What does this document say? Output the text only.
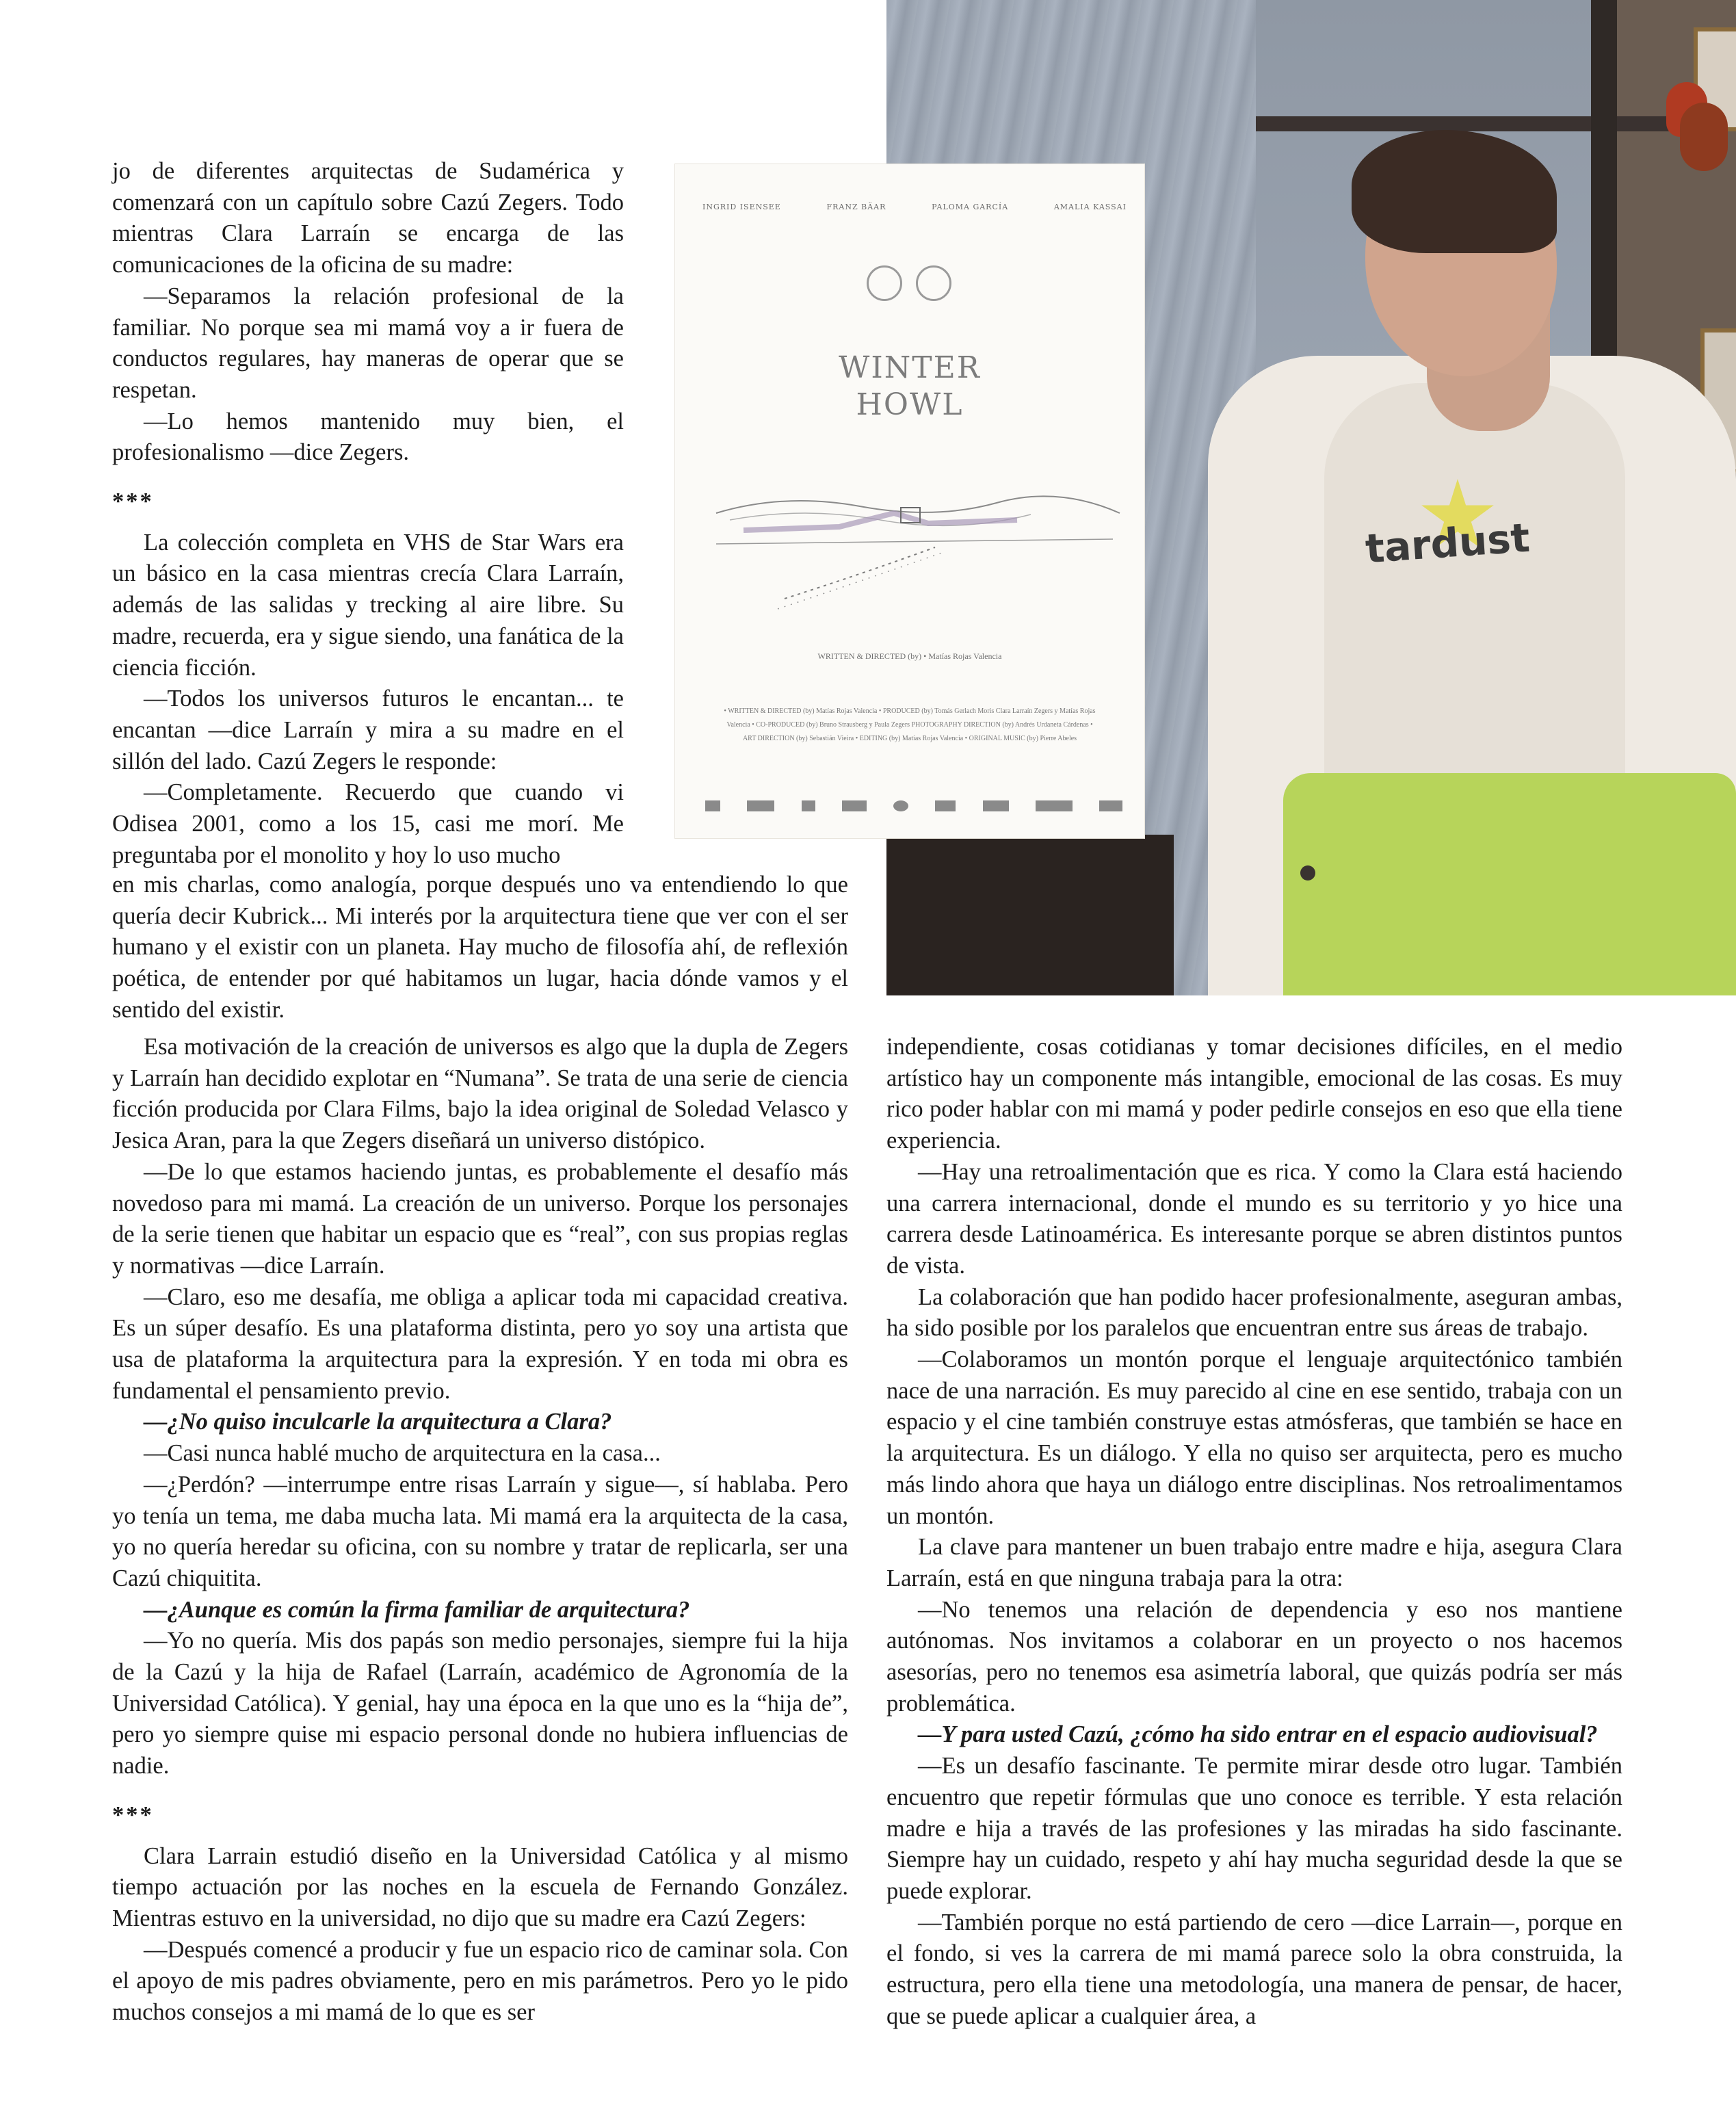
tardust
INGRID ISENSEE	FRANZ BÄAR	PALOMA GARCÍA	AMALIA KASSAI
WINTER
HOWL
WRITTEN & DIRECTED (by) • Matías Rojas Valencia
• WRITTEN & DIRECTED (by) Matías Rojas Valencia • PRODUCED (by) Tomás Gerlach Moris Clara Larraín Zegers y Matías Rojas Valencia • CO-PRODUCED (by) Bruno Strausberg y Paula Zegers PHOTOGRAPHY DIRECTION (by) Andrés Urdaneta Cárdenas • ART DIRECTION (by) Sebastián Vieira • EDITING (by) Matías Rojas Valencia • ORIGINAL MUSIC (by) Pierre Abeles

jo de diferentes arquitectas de Sudamérica y comenzará con un capítulo sobre Cazú Zegers. Todo mientras Clara Larraín se encarga de las comunicaciones de la oficina de su madre:

—Separamos la relación profesional de la familiar. No porque sea mi mamá voy a ir fuera de conductos regulares, hay maneras de operar que se respetan.

—Lo hemos mantenido muy bien, el profesionalismo —dice Zegers.

***

La colección completa en VHS de Star Wars era un básico en la casa mientras crecía Clara Larraín, además de las salidas y trecking al aire libre. Su madre, recuerda, era y sigue siendo, una fanática de la ciencia ficción.

—Todos los universos futuros le encantan... te encantan —dice Larraín y mira a su madre en el sillón del lado. Cazú Zegers le responde:

—Completamente. Recuerdo que cuando vi Odisea 2001, como a los 15, casi me morí. Me preguntaba por el monolito y hoy lo uso mucho

en mis charlas, como analogía, porque después uno va entendiendo lo que quería decir Kubrick... Mi interés por la arquitectura tiene que ver con el ser humano y el existir con un planeta. Hay mucho de filosofía ahí, de reflexión poética, de entender por qué habitamos un lugar, hacia dónde vamos y el sentido del existir.

Esa motivación de la creación de universos es algo que la dupla de Zegers y Larraín han decidido explotar en “Numana”. Se trata de una serie de ciencia ficción producida por Clara Films, bajo la idea original de Soledad Velasco y Jesica Aran, para la que Zegers diseñará un universo distópico.

—De lo que estamos haciendo juntas, es probablemente el desafío más novedoso para mi mamá. La creación de un universo. Porque los personajes de la serie tienen que habitar un espacio que es “real”, con sus propias reglas y normativas —dice Larraín.

—Claro, eso me desafía, me obliga a aplicar toda mi capacidad creativa. Es un súper desafío. Es una plataforma distinta, pero yo soy una artista que usa de plataforma la arquitectura para la expresión. Y en toda mi obra es fundamental el pensamiento previo.

—¿No quiso inculcarle la arquitectura a Clara?

—Casi nunca hablé mucho de arquitectura en la casa...

—¿Perdón? —interrumpe entre risas Larraín y sigue—, sí hablaba. Pero yo tenía un tema, me daba mucha lata. Mi mamá era la arquitecta de la casa, yo no quería heredar su oficina, con su nombre y tratar de replicarla, ser una Cazú chiquitita.

—¿Aunque es común la firma familiar de arquitectura?

—Yo no quería. Mis dos papás son medio personajes, siempre fui la hija de la Cazú y la hija de Rafael (Larraín, académico de Agronomía de la Universidad Católica). Y genial, hay una época en la que uno es la “hija de”, pero yo siempre quise mi espacio personal donde no hubiera influencias de nadie.

***

Clara Larrain estudió diseño en la Universidad Católica y al mismo tiempo actuación por las noches en la escuela de Fernando González. Mientras estuvo en la universidad, no dijo que su madre era Cazú Zegers:

—Después comencé a producir y fue un espacio rico de caminar sola. Con el apoyo de mis padres obviamente, pero en mis parámetros. Pero yo le pido muchos consejos a mi mamá de lo que es ser

independiente, cosas cotidianas y tomar decisiones difíciles, en el medio artístico hay un componente más intangible, emocional de las cosas. Es muy rico poder hablar con mi mamá y poder pedirle consejos en eso que ella tiene experiencia.

—Hay una retroalimentación que es rica. Y como la Clara está haciendo una carrera internacional, donde el mundo es su territorio y yo hice una carrera desde Latinoamérica. Es interesante porque se abren distintos puntos de vista.

La colaboración que han podido hacer profesionalmente, aseguran ambas, ha sido posible por los paralelos que encuentran entre sus áreas de trabajo.

—Colaboramos un montón porque el lenguaje arquitectónico también nace de una narración. Es muy parecido al cine en ese sentido, trabaja con un espacio y el cine también construye estas atmósferas, que también se hace en la arquitectura. Es un diálogo. Y ella no quiso ser arquitecta, pero es mucho más lindo ahora que haya un diálogo entre disciplinas. Nos retroalimentamos un montón.

La clave para mantener un buen trabajo entre madre e hija, asegura Clara Larraín, está en que ninguna trabaja para la otra:

—No tenemos una relación de dependencia y eso nos mantiene autónomas. Nos invitamos a colaborar en un proyecto o nos hacemos asesorías, pero no tenemos esa asimetría laboral, que quizás podría ser más problemática.

—Y para usted Cazú, ¿cómo ha sido entrar en el espacio audiovisual?

—Es un desafío fascinante. Te permite mirar desde otro lugar. También encuentro que repetir fórmulas que uno conoce es terrible. Y esta relación madre e hija a través de las profesiones y las miradas ha sido fascinante. Siempre hay un cuidado, respeto y ahí hay mucha seguridad desde la que se puede explorar.

—También porque no está partiendo de cero —dice Larrain—, porque en el fondo, si ves la carrera de mi mamá parece solo la obra construida, la estructura, pero ella tiene una metodología, una manera de pensar, de hacer, que se puede aplicar a cualquier área, a
